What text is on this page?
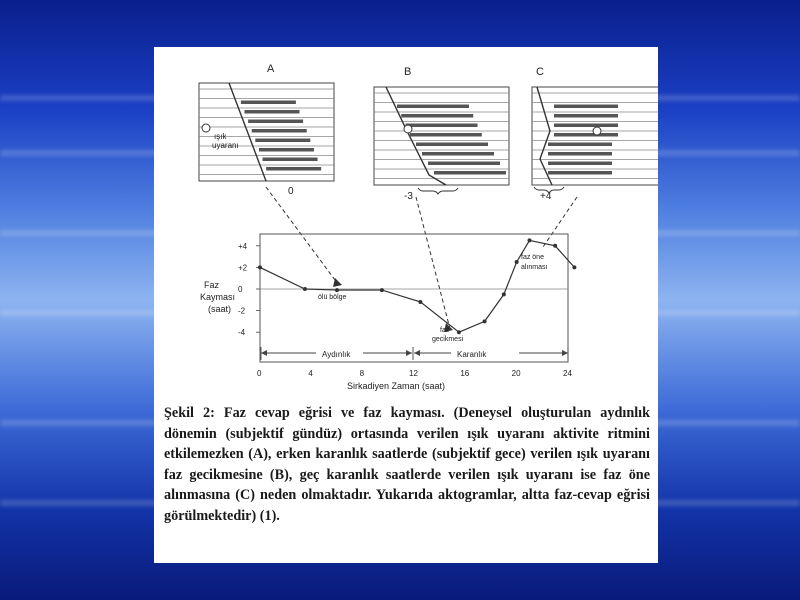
A
ışık
uyaranı
0
B
-3
C
+4
+4
+2
0
-2
-4
ölü bölge
faz
gecikmesi
faz öne
alınması
Faz
Kayması
(saat)
Aydınlık	Karanlık
0	4	8	12	16	20	24
Sirkadiyen Zaman (saat)
Şekil 2: Faz cevap eğrisi ve faz kayması. (Deneysel oluşturulan aydınlık dönemin (subjektif gündüz) ortasında verilen ışık uyaranı aktivite ritmini etkilemezken (A), erken karanlık saatlerde (subjektif gece) verilen ışık uyaranı faz gecikmesine (B), geç karanlık saatlerde verilen ışık uyaranı ise faz öne alınmasına (C) neden olmaktadır. Yukarıda aktogramlar, altta faz-cevap eğrisi görülmektedir) (1).
